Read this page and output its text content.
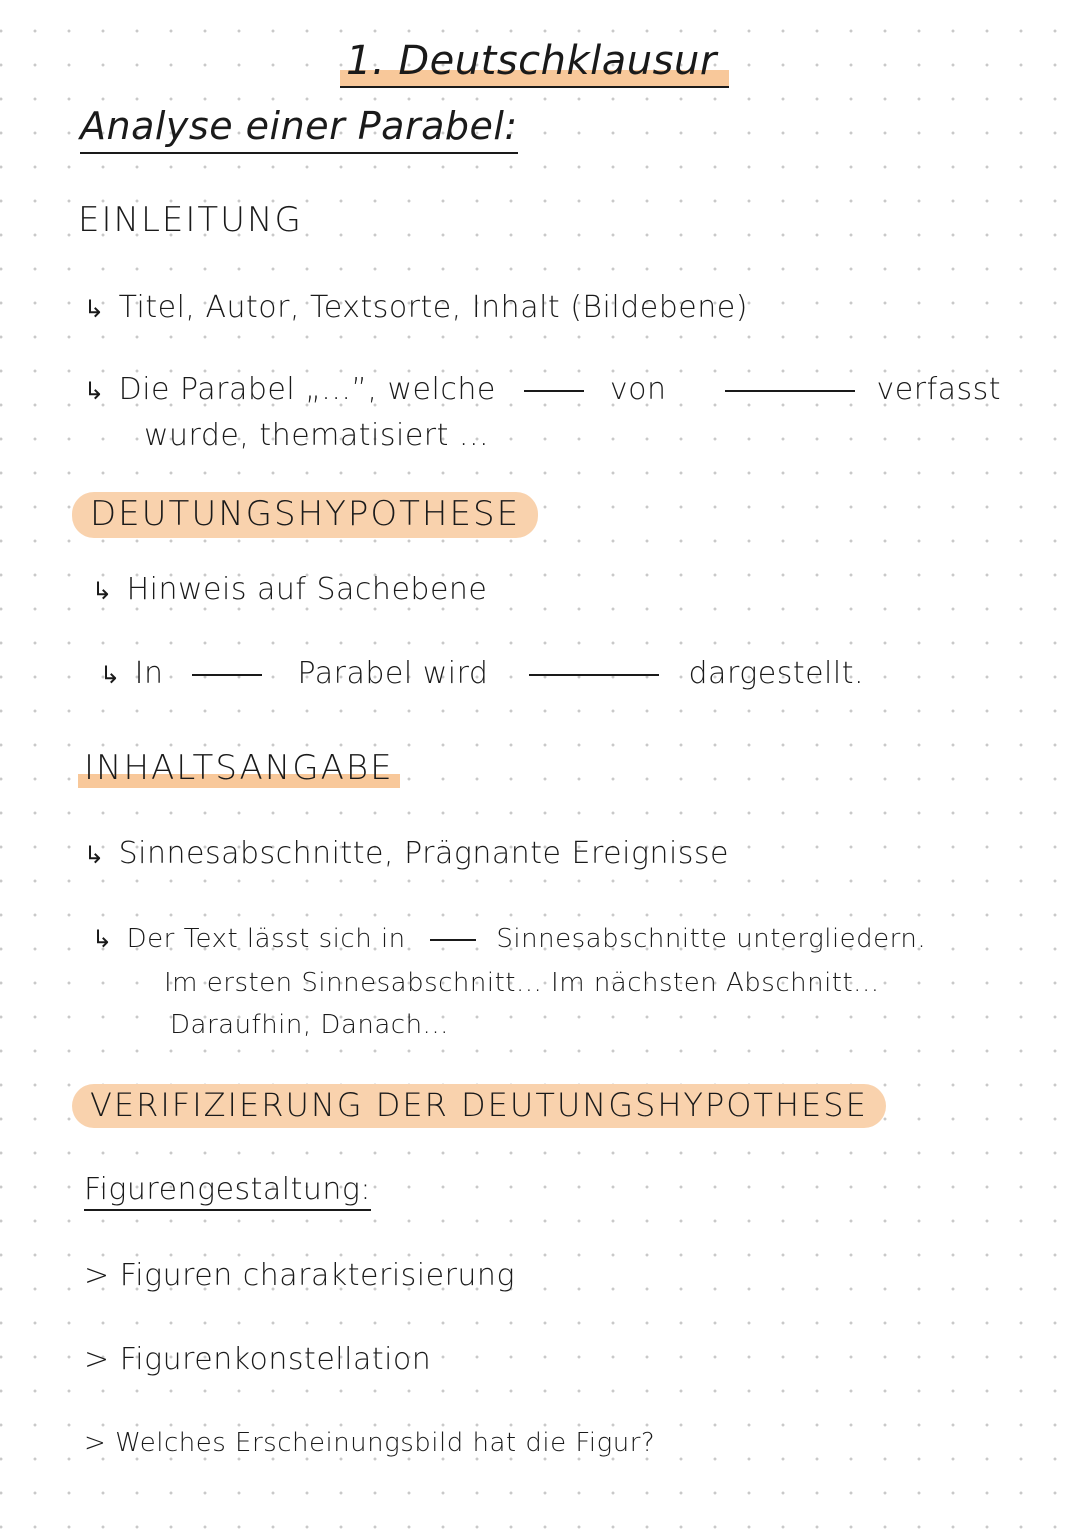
1. Deutschklausur
Analyse einer Parabel:
EINLEITUNG
↳ Titel, Autor, Textsorte, Inhalt (Bildebene)
↳ Die Parabel „...”, welche	von	verfasst
wurde, thematisiert ...
DEUTUNGSHYPOTHESE
↳ Hinweis auf Sachebene
↳ In	Parabel wird	dargestellt.
INHALTSANGABE
↳ Sinnesabschnitte, Prägnante Ereignisse
↳ Der Text lässt sich in	Sinnesabschnitte untergliedern.
Im ersten Sinnesabschnitt... Im nächsten Abschnitt...
Daraufhin, Danach...
VERIFIZIERUNG DER DEUTUNGSHYPOTHESE
Figurengestaltung:
> Figuren charakterisierung
> Figurenkonstellation
> Welches Erscheinungsbild hat die Figur?
